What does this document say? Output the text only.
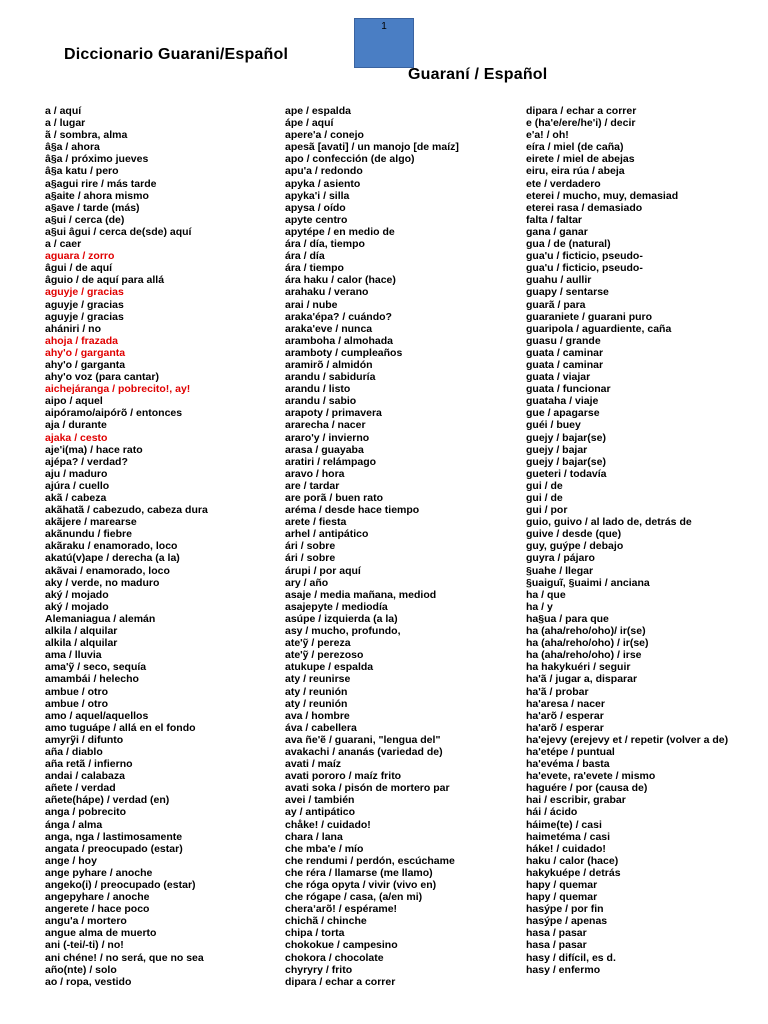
1
Diccionario Guarani/Español
Guaraní / Español
a / aquí
a / lugar
ã / sombra, alma
â§a / ahora
â§a / próximo jueves
â§a katu / pero
a§agui rire / más tarde
a§aite / ahora mismo
a§ave / tarde (más)
a§ui / cerca (de)
a§ui âgui / cerca de(sde) aquí
a / caer
aguara / zorro
âgui / de aquí
âguio / de aquí para allá
aguyje / gracias
aguyje / gracias
aguyje / gracias
ahániri / no
ahoja / frazada
ahy'o / garganta
ahy'o / garganta
ahy'o voz (para cantar)
aichejáranga / pobrecito!, ay!
aipo / aquel
aipóramo/aipórõ / entonces
aja / durante
ajaka / cesto
aje'i(ma) / hace rato
ajépa? / verdad?
aju / maduro
ajúra / cuello
akã / cabeza
akãhatã / cabezudo, cabeza dura
akãjere / marearse
akãnundu / fiebre
akãraku / enamorado, loco
akatú(v)ape / derecha (a la)
akãvai / enamorado, loco
aky / verde, no maduro
aký / mojado
aký / mojado
Alemaniagua / alemán
alkila / alquilar
alkila / alquilar
ama / lluvia
ama'ỹ / seco, sequía
amambái / helecho
ambue / otro
ambue / otro
amo / aquel/aquellos
amo tuguápe / allá en el fondo
amyrỹi / difunto
aña / diablo
aña retã / infierno
andai / calabaza
añete / verdad
añete(hápe) / verdad (en)
anga / pobrecito
ánga / alma
anga, nga / lastimosamente
angata / preocupado (estar)
ange / hoy
ange pyhare / anoche
angeko(i) / preocupado (estar)
angepyhare / anoche
angerete / hace poco
angu'a / mortero
angue alma de muerto
ani (-tei/-ti) / no!
ani chéne! / no será, que no sea
año(nte) / solo
ao / ropa, vestido
ape / espalda
ápe / aquí
apere'a / conejo
apesã [avati] / un manojo [de maíz]
apo / confección (de algo)
apu'a / redondo
apyka / asiento
apyka'i / silla
apysa / oído
apyte centro
apytépe / en medio de
ára / día, tiempo
ára / día
ára / tiempo
ára haku / calor (hace)
arahaku / verano
arai / nube
araka'épa? / cuándo?
araka'eve / nunca
aramboha / almohada
aramboty / cumpleaños
aramirõ / almidón
arandu / sabiduría
arandu / listo
arandu / sabio
arapoty / primavera
ararecha / nacer
araro'y / invierno
arasa / guayaba
aratiri / relámpago
aravo / hora
are / tardar
are porã / buen rato
aréma / desde hace tiempo
arete / fiesta
arhel / antipático
ári / sobre
ári / sobre
árupi / por aquí
ary / año
asaje / media mañana, mediod
asajepyte / mediodía
asúpe / izquierda (a la)
asy / mucho, profundo,
ate'ỹ / pereza
ate'ỹ / perezoso
atukupe / espalda
aty / reunirse
aty / reunión
aty / reunión
ava / hombre
áva / cabellera
ava ñe'ẽ / guarani, "lengua del"
avakachi / ananás (variedad de)
avati / maíz
avati pororo / maíz frito
avati soka / pisón de mortero par
avei / también
ay / antipático
chåke! / cuidado!
chara / lana
che mba'e / mío
che rendumi / perdón, escúchame
che réra / llamarse (me llamo)
che róga opyta / vivir (vivo en)
che rógape / casa, (a/en mi)
cheraʼarõ! / espérame!
chichã / chinche
chipa / torta
chokokue / campesino
chokora / chocolate
chyryry / frito
dipara / echar a correr
dipara / echar a correr
e (ha'e/ere/he'i) / decir
e'a! / oh!
eíra / miel (de caña)
eirete / miel de abejas
eiru, eira rúa / abeja
ete / verdadero
eterei / mucho, muy, demasiad
eterei rasa / demasiado
falta / faltar
gana / ganar
gua / de (natural)
gua'u / ficticio, pseudo-
gua'u / ficticio, pseudo-
guahu / aullir
guapy / sentarse
guarã / para
guaraniete / guarani puro
guaripola / aguardiente, caña
guasu / grande
guata / caminar
guata / caminar
guata / viajar
guata / funcionar
guataha / viaje
gue / apagarse
guéi / buey
guejy / bajar(se)
guejy / bajar
guejy / bajar(se)
gueteri / todavía
gui / de
gui / de
gui / por
guio, guivo / al lado de, detrás de
guive / desde (que)
guy, guýpe / debajo
guyra / pájaro
§uahe / llegar
§uaiguĩ, §uaimi / anciana
ha / que
ha / y
ha§ua / para que
ha (aha/reho/oho)/ ir(se)
ha (aha/reho/oho) / ir(se)
ha (aha/reho/oho) / irse
ha hakykuéri / seguir
ha'ã / jugar a, disparar
ha'ã / probar
ha'aresa / nacer
ha'arõ / esperar
ha'arõ / esperar
ha'ejevy (erejevy et / repetir (volver a de)
ha'etépe / puntual
ha'evéma / basta
ha'evete, ra'evete / mismo
haguére / por (causa de)
hai / escribir, grabar
hái / ácido
háime(te) / casi
haimetéma / casi
háke! / cuidado!
haku / calor (hace)
hakykuépe / detrás
hapy / quemar
hapy / quemar
hasýpe / por fin
hasýpe / apenas
hasa / pasar
hasa / pasar
hasy / difícil, es d.
hasy / enfermo
